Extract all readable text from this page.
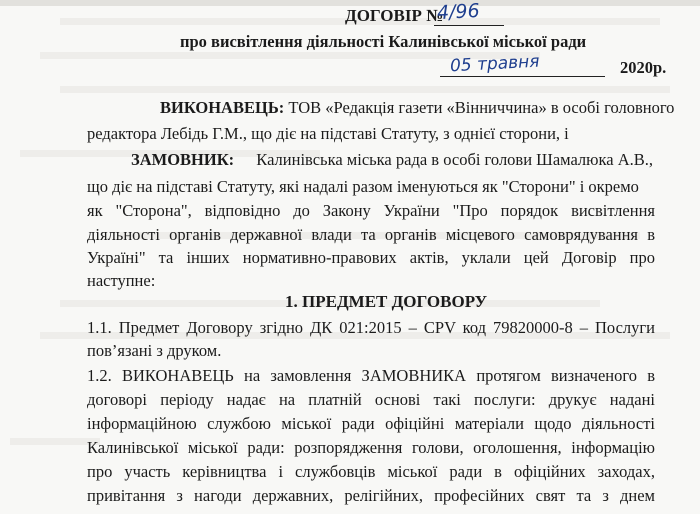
ДОГОВІР №
4/96
про висвітлення діяльності Калинівської міської ради
05 травня	2020р.
ВИКОНАВЕЦЬ: ТОВ «Редакція газети «Вінниччина» в особі головного
редактора Лебідь Г.М., що діє на підставі Статуту, з однієї сторони, і
ЗАМОВНИК: Калинівська міська рада в особі голови Шамалюка А.В.,
що діє на підставі Статуту, які надалі разом іменуються як "Сторони" і окремо
як "Сторона", відповідно до Закону України "Про порядок висвітлення
діяльності органів державної влади та органів місцевого самоврядування в
Україні" та інших нормативно-правових актів, уклали цей Договір про
наступне:
1. ПРЕДМЕТ ДОГОВОРУ
1.1. Предмет Договору згідно ДК 021:2015 – CPV код 79820000-8 – Послуги
пов’язані з друком.
1.2. ВИКОНАВЕЦЬ на замовлення ЗАМОВНИКА протягом визначеного в
договорі періоду надає на платній основі такі послуги: друкує надані
інформаційною службою міської ради офіційні матеріали щодо діяльності
Калинівської міської ради: розпорядження голови, оголошення, інформацію
про участь керівництва і службовців міської ради в офіційних заходах,
привітання з нагоди державних, релігійних, професійних свят та з днем
